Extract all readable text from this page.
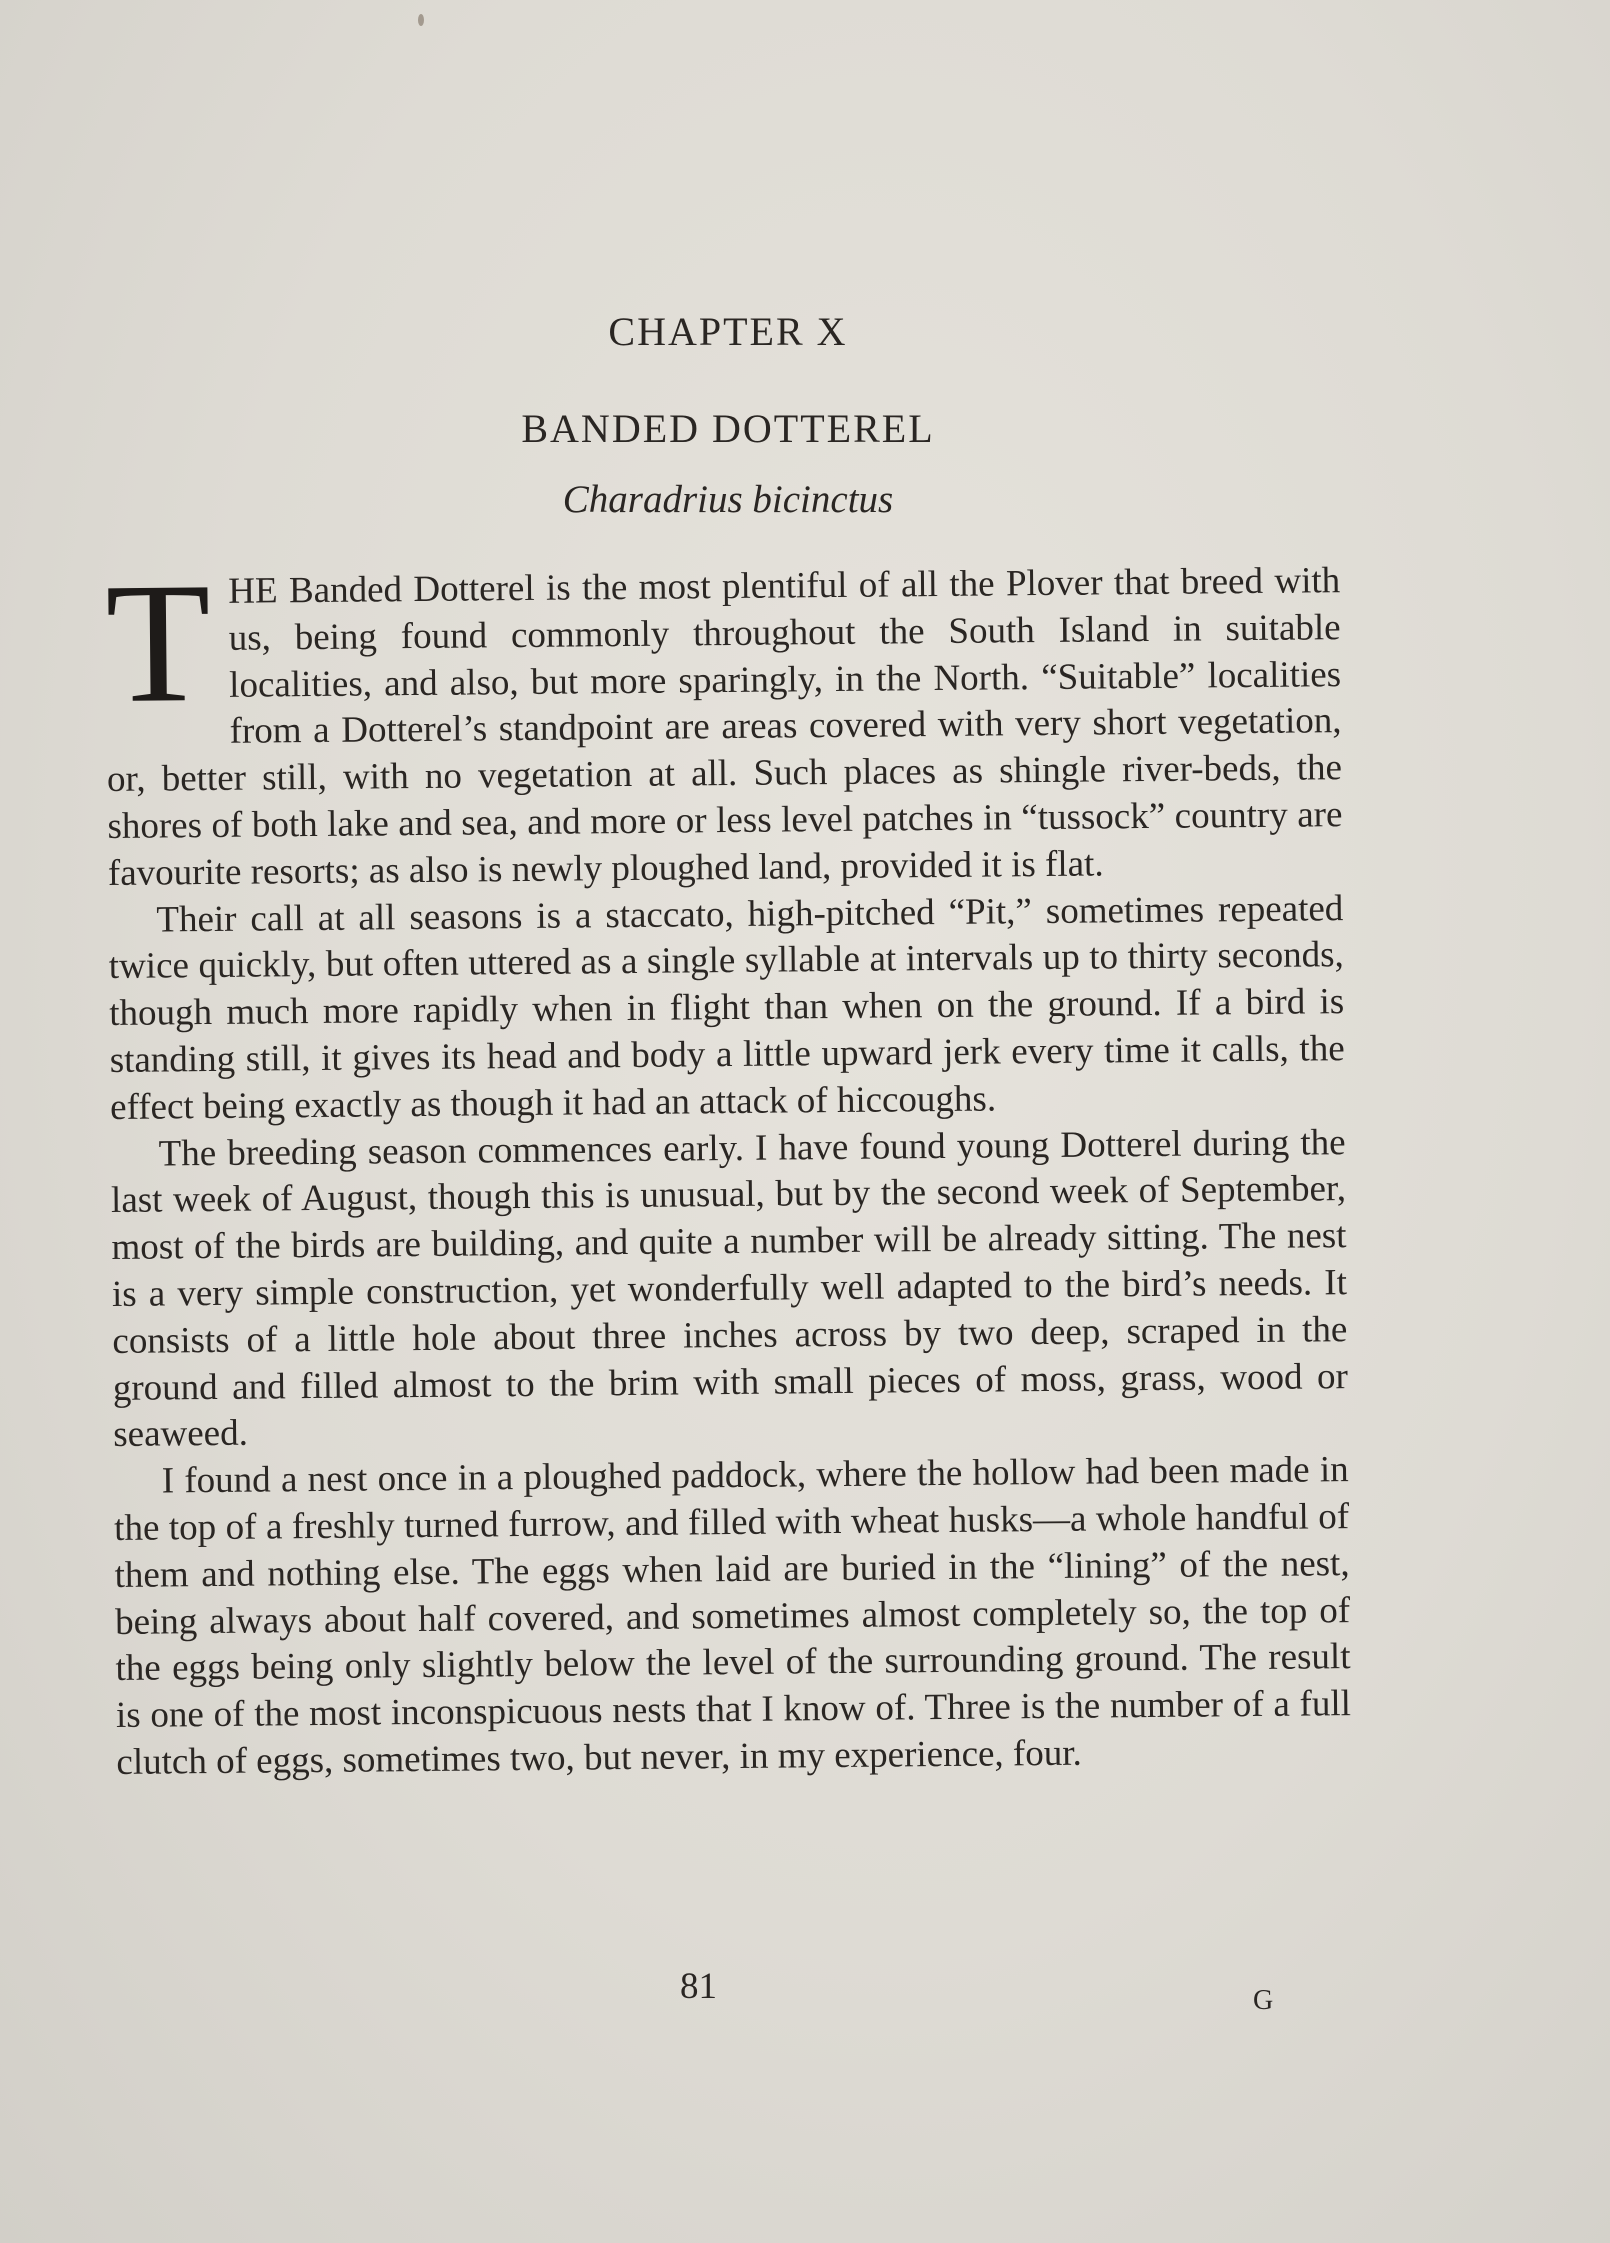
CHAPTER X
BANDED DOTTEREL
Charadrius bicinctus

THE Banded Dotterel is the most plentiful of all the Plover that breed with us, being found commonly throughout the South Island in suitable localities, and also, but more sparingly, in the North. “Suitable” localities from a Dotterel’s standpoint are areas covered with very short vegetation, or, better still, with no vegetation at all. Such places as shingle river-beds, the shores of both lake and sea, and more or less level patches in “tussock” country are favourite resorts; as also is newly ploughed land, provided it is flat.

Their call at all seasons is a staccato, high-pitched “Pit,” sometimes repeated twice quickly, but often uttered as a single syllable at intervals up to thirty seconds, though much more rapidly when in flight than when on the ground. If a bird is standing still, it gives its head and body a little upward jerk every time it calls, the effect being exactly as though it had an attack of hiccoughs.

The breeding season commences early. I have found young Dotterel during the last week of August, though this is unusual, but by the second week of September, most of the birds are building, and quite a number will be already sitting. The nest is a very simple construction, yet wonderfully well adapted to the bird’s needs. It consists of a little hole about three inches across by two deep, scraped in the ground and filled almost to the brim with small pieces of moss, grass, wood or seaweed.

I found a nest once in a ploughed paddock, where the hollow had been made in the top of a freshly turned furrow, and filled with wheat husks—a whole handful of them and nothing else. The eggs when laid are buried in the “lining” of the nest, being always about half covered, and sometimes almost completely so, the top of the eggs being only slightly below the level of the surrounding ground. The result is one of the most inconspicuous nests that I know of. Three is the number of a full clutch of eggs, sometimes two, but never, in my experience, four.

81	G
